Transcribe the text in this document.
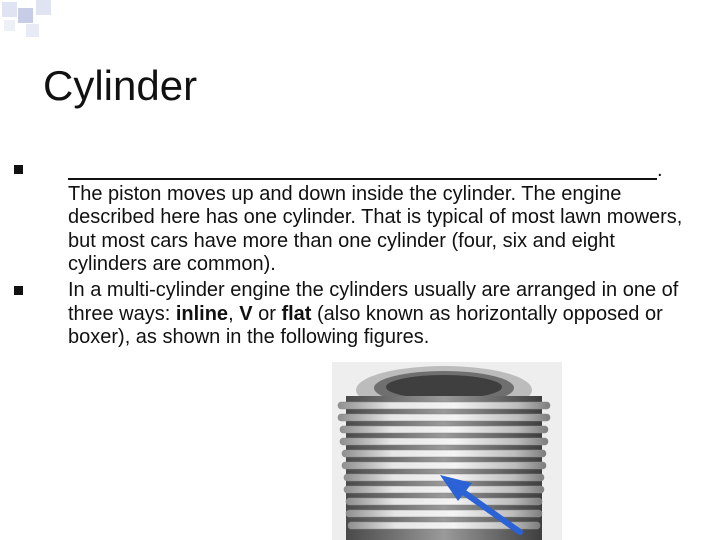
Cylinder
.
The piston moves up and down inside the cylinder. The engine described here has one cylinder. That is typical of most lawn mowers, but most cars have more than one cylinder (four, six and eight cylinders are common).
In a multi-cylinder engine the cylinders usually are arranged in one of three ways: inline, V or flat (also known as horizontally opposed or boxer), as shown in the following figures.
